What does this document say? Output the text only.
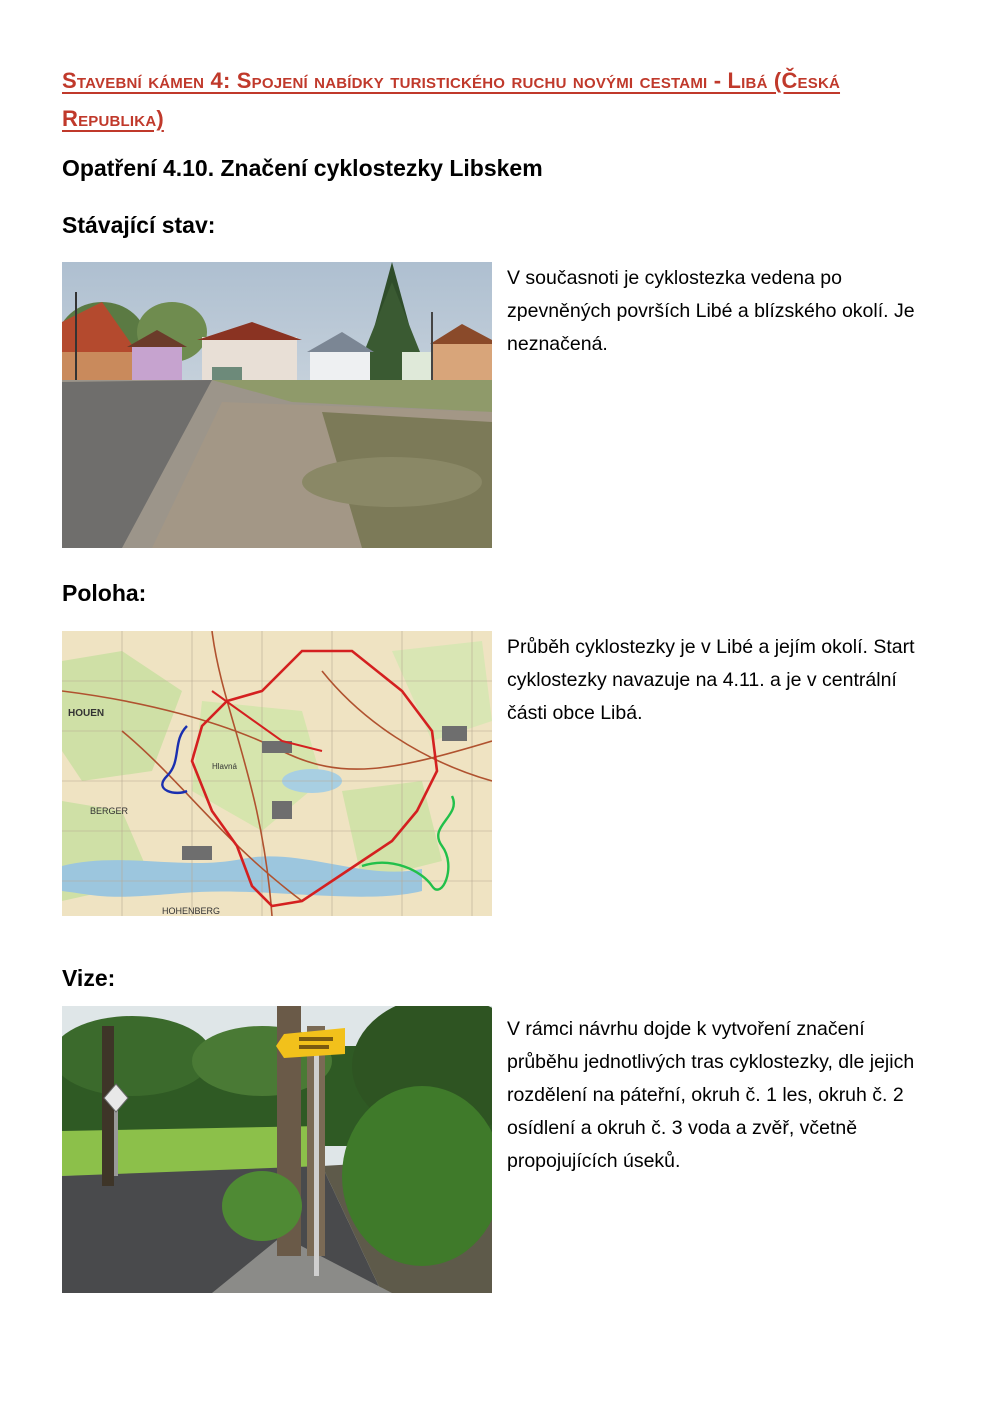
Stavební kámen 4: Spojení nabídky turistického ruchu novými cestami - Libá (Česká Republika)
Opatření 4.10. Značení cyklostezky Libskem
Stávající stav:
V současnoti je cyklostezka vedena po zpevněných površích Libé a blízského okolí. Je neznačená.
Poloha:
HOUEN
Hlavná
BERGER
HOHENBERG
Průběh cyklostezky je v Libé a jejím okolí. Start cyklostezky navazuje na 4.11. a je v centrální části obce Libá.
Vize:
V rámci návrhu dojde k vytvoření značení průběhu jednotlivých tras cyklostezky, dle jejich rozdělení na páteřní, okruh č. 1 les, okruh č. 2 osídlení a okruh č. 3 voda a zvěř, včetně propojujících úseků.
